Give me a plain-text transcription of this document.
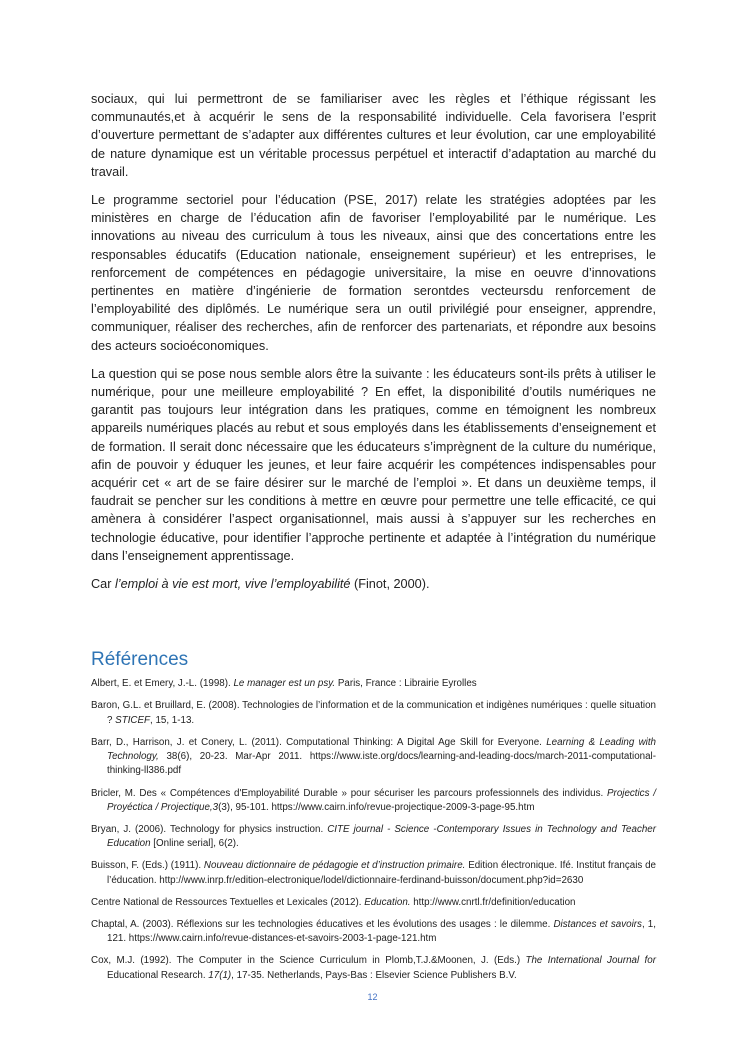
sociaux, qui lui permettront de se familiariser avec les règles et l’éthique régissant les communautés,et à acquérir le sens de la responsabilité individuelle. Cela favorisera l’esprit d’ouverture permettant de s’adapter aux différentes cultures et leur évolution, car une employabilité de nature dynamique est un véritable processus perpétuel et interactif d’adaptation au marché du travail.

Le programme sectoriel pour l’éducation (PSE, 2017) relate les stratégies adoptées par les ministères en charge de l’éducation afin de favoriser l’employabilité par le numérique. Les innovations au niveau des curriculum à tous les niveaux, ainsi que des concertations entre les responsables éducatifs (Education nationale, enseignement supérieur) et les entreprises, le renforcement de compétences en pédagogie universitaire, la mise en oeuvre d’innovations pertinentes en matière d’ingénierie de formation serontdes vecteursdu renforcement de l’employabilité des diplômés. Le numérique sera un outil privilégié pour enseigner, apprendre, communiquer, réaliser des recherches, afin de renforcer des partenariats, et répondre aux besoins des acteurs socioéconomiques.

La question qui se pose nous semble alors être la suivante : les éducateurs sont-ils prêts à utiliser le numérique, pour une meilleure employabilité ? En effet, la disponibilité d’outils numériques ne garantit pas toujours leur intégration dans les pratiques, comme en témoignent les nombreux appareils numériques placés au rebut et sous employés dans les établissements d’enseignement et de formation. Il serait donc nécessaire que les éducateurs s’imprègnent de la culture du numérique, afin de pouvoir y éduquer les jeunes, et leur faire acquérir les compétences indispensables pour acquérir cet « art de se faire désirer sur le marché de l’emploi ». Et dans un deuxième temps, il faudrait se pencher sur les conditions à mettre en œuvre pour permettre une telle efficacité, ce qui amènera à considérer l’aspect organisationnel, mais aussi à s’appuyer sur les recherches en technologie éducative, pour identifier l’approche pertinente et adaptée à l’intégration du numérique dans l’enseignement apprentissage.

Car l’emploi à vie est mort, vive l’employabilité (Finot, 2000).

Références

Albert, E. et Emery, J.-L. (1998). Le manager est un psy. Paris, France : Librairie Eyrolles

Baron, G.L. et Bruillard, E. (2008). Technologies de l’information et de la communication et indigènes numériques : quelle situation ? STICEF, 15, 1-13.

Barr, D., Harrison, J. et Conery, L. (2011). Computational Thinking: A Digital Age Skill for Everyone. Learning & Leading with Technology, 38(6), 20-23. Mar-Apr 2011. https://www.iste.org/docs/learning-and-leading-docs/march-2011-computational-thinking-ll386.pdf

Bricler, M. Des « Compétences d'Employabilité Durable » pour sécuriser les parcours professionnels des individus. Projectics / Proyéctica / Projectique,3(3), 95-101. https://www.cairn.info/revue-projectique-2009-3-page-95.htm

Bryan, J. (2006). Technology for physics instruction. CITE journal - Science -Contemporary Issues in Technology and Teacher Education [Online serial], 6(2).

Buisson, F. (Eds.) (1911). Nouveau dictionnaire de pédagogie et d’instruction primaire. Edition électronique. Ifé. Institut français de l’éducation. http://www.inrp.fr/edition-electronique/lodel/dictionnaire-ferdinand-buisson/document.php?id=2630

Centre National de Ressources Textuelles et Lexicales (2012). Education. http://www.cnrtl.fr/definition/education

Chaptal, A. (2003). Réflexions sur les technologies éducatives et les évolutions des usages : le dilemme. Distances et savoirs, 1, 121. https://www.cairn.info/revue-distances-et-savoirs-2003-1-page-121.htm

Cox, M.J. (1992). The Computer in the Science Curriculum in Plomb,T.J.&Moonen, J. (Eds.) The International Journal for Educational Research. 17(1), 17-35. Netherlands, Pays-Bas : Elsevier Science Publishers B.V.

12
